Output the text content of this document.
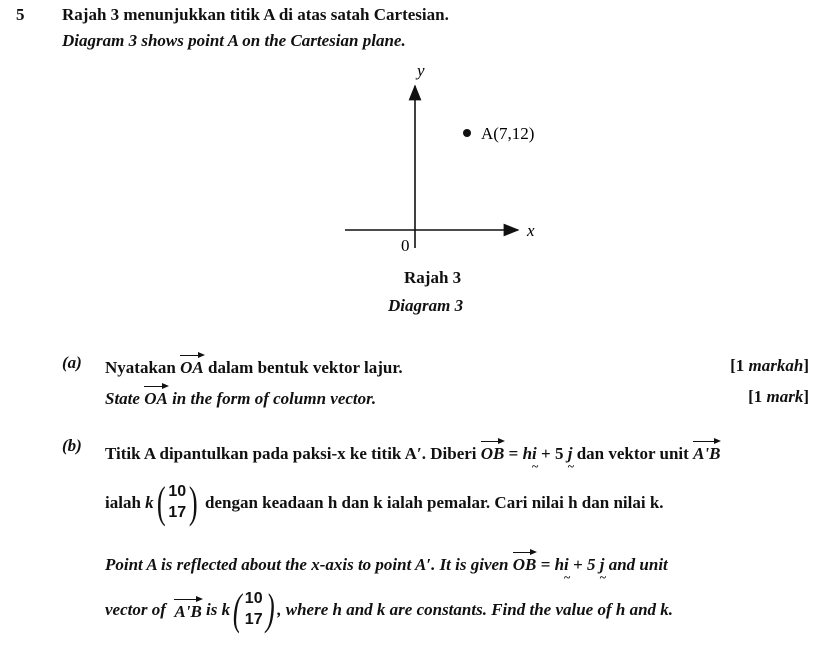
5 Rajah 3 menunjukkan titik A di atas satah Cartesian.
Diagram 3 shows point A on the Cartesian plane.
y
x
0
A(7,12)
Rajah 3
Diagram 3
(a) Nyatakan OA dalam bentuk vektor lajur.	[1 markah]
State OA in the form of column vector.	[1 mark]
(b) Titik A dipantulkan pada paksi-x ke titik A′. Diberi OB = hi ~ + 5 j ~ dan vektor unit A'B
ialah
k ( 10
17 )
dengan keadaan h dan k ialah pemalar. Cari nilai h dan nilai k.
Point A is reflected about the x-axis to point A′. It is given OB = hi ~ + 5 j ~ and unit
vector of
A'B
is k ( 10
17 ) , where h and k are constants. Find the value of h and k.
